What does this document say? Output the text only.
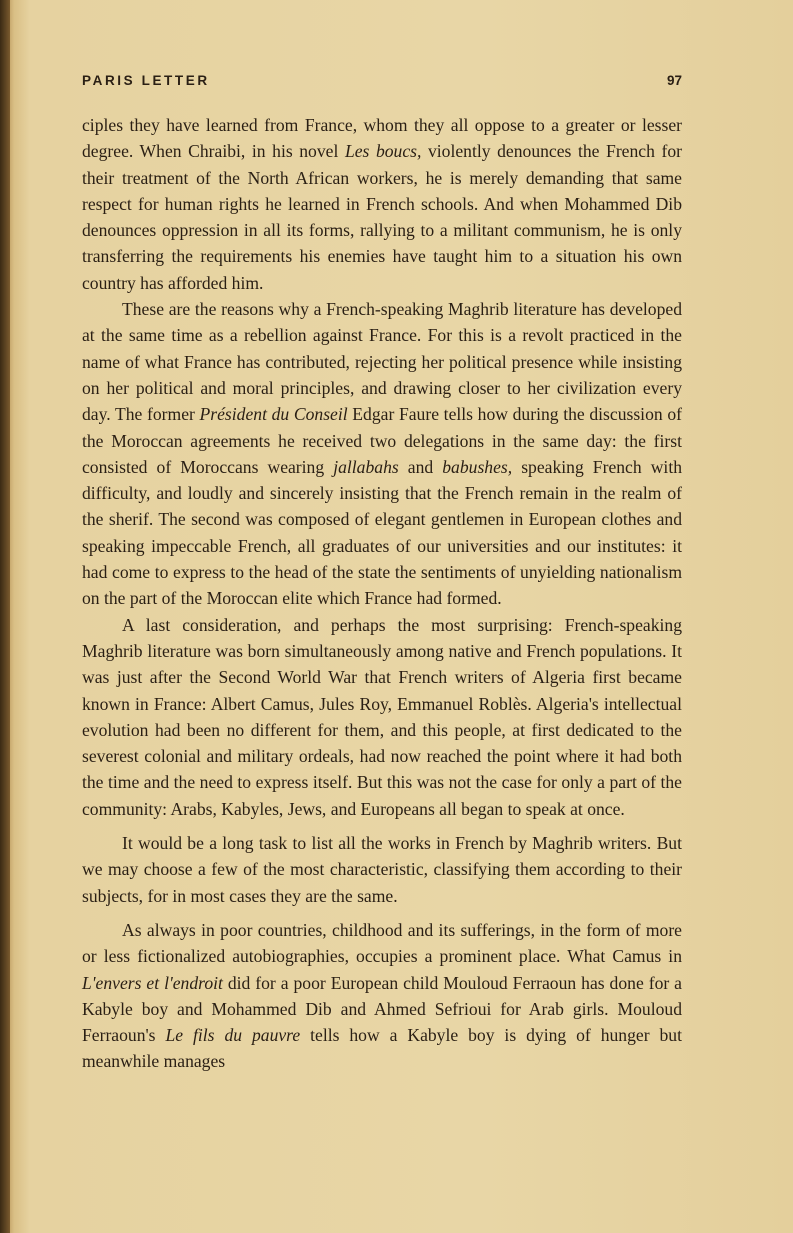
PARIS LETTER	97

ciples they have learned from France, whom they all oppose to a greater or lesser degree. When Chraibi, in his novel Les boucs, violently denounces the French for their treatment of the North African workers, he is merely demanding that same respect for human rights he learned in French schools. And when Mohammed Dib denounces oppression in all its forms, rallying to a militant communism, he is only transferring the requirements his enemies have taught him to a situation his own country has afforded him.

These are the reasons why a French-speaking Maghrib literature has developed at the same time as a rebellion against France. For this is a revolt practiced in the name of what France has contributed, rejecting her political presence while insisting on her political and moral principles, and drawing closer to her civilization every day. The former Président du Conseil Edgar Faure tells how during the discussion of the Moroccan agreements he received two delegations in the same day: the first consisted of Moroccans wearing jallabahs and babushes, speaking French with difficulty, and loudly and sincerely insisting that the French remain in the realm of the sherif. The second was composed of elegant gentlemen in European clothes and speaking impeccable French, all graduates of our universities and our institutes: it had come to express to the head of the state the sentiments of unyielding nationalism on the part of the Moroccan elite which France had formed.

A last consideration, and perhaps the most surprising: French-speaking Maghrib literature was born simultaneously among native and French populations. It was just after the Second World War that French writers of Algeria first became known in France: Albert Camus, Jules Roy, Emmanuel Roblès. Algeria's intellectual evolution had been no different for them, and this people, at first dedicated to the severest colonial and military ordeals, had now reached the point where it had both the time and the need to express itself. But this was not the case for only a part of the community: Arabs, Kabyles, Jews, and Europeans all began to speak at once.

It would be a long task to list all the works in French by Maghrib writers. But we may choose a few of the most characteristic, classifying them according to their subjects, for in most cases they are the same.

As always in poor countries, childhood and its sufferings, in the form of more or less fictionalized autobiographies, occupies a prominent place. What Camus in L'envers et l'endroit did for a poor European child Mouloud Ferraoun has done for a Kabyle boy and Mohammed Dib and Ahmed Sefrioui for Arab girls. Mouloud Ferraoun's Le fils du pauvre tells how a Kabyle boy is dying of hunger but meanwhile manages
